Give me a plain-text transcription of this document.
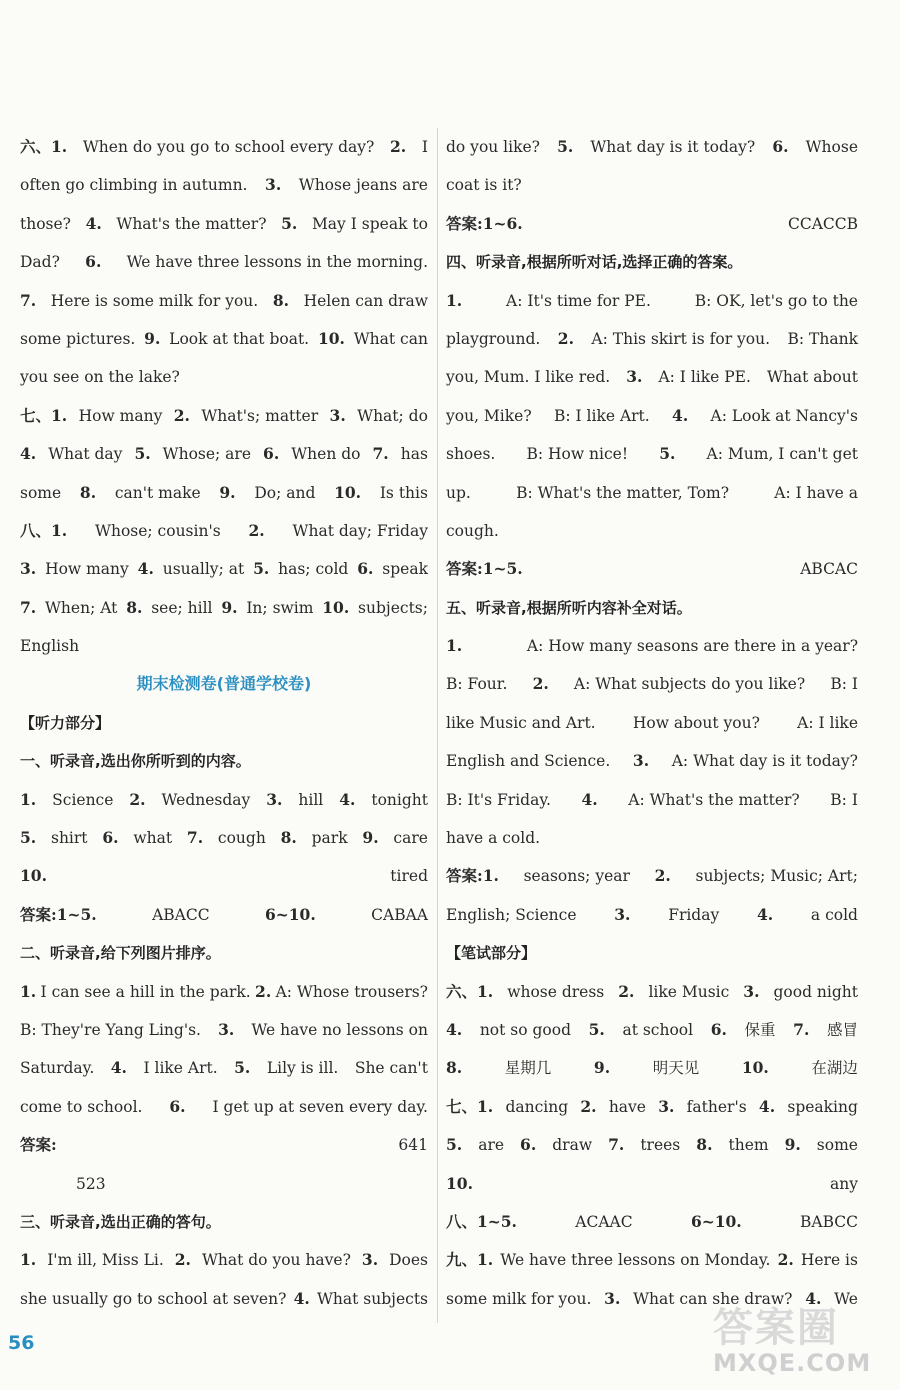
六、1. When do you go to school every day? 2. I
often go climbing in autumn. 3. Whose jeans are
those? 4. What's the matter? 5. May I speak to
Dad? 6. We have three lessons in the morning.
7. Here is some milk for you. 8. Helen can draw
some pictures. 9. Look at that boat. 10. What can
you see on the lake?
七、1. How many 2. What's; matter 3. What; do
4. What day 5. Whose; are 6. When do 7. has
some 8. can't make 9. Do; and 10. Is this
八、1. Whose; cousin's 2. What day; Friday
3. How many 4. usually; at 5. has; cold 6. speak
7. When; At 8. see; hill 9. In; swim 10. subjects;
English
期末检测卷(普通学校卷)
【听力部分】
一、听录音,选出你所听到的内容。
1. Science 2. Wednesday 3. hill 4. tonight
5. shirt 6. what 7. cough 8. park 9. care
10.	tired
答案:1~5.	ABACC	6~10.	CABAA
二、听录音,给下列图片排序。
1. I can see a hill in the park. 2. A: Whose trousers?
B: They're Yang Ling's. 3. We have no lessons on
Saturday. 4. I like Art. 5. Lily is ill. She can't
come to school. 6. I get up at seven every day.
答案:	641
523
三、听录音,选出正确的答句。
1. I'm ill, Miss Li. 2. What do you have? 3. Does
she usually go to school at seven? 4. What subjects
do you like? 5. What day is it today? 6. Whose
coat is it?
答案:1~6.	CCACCB
四、听录音,根据所听对话,选择正确的答案。
1.	A: It's time for PE.	B: OK, let's go to the
playground. 2. A: This skirt is for you. B: Thank
you, Mum. I like red. 3. A: I like PE. What about
you, Mike? B: I like Art. 4. A: Look at Nancy's
shoes. B: How nice! 5. A: Mum, I can't get
up.	B: What's the matter, Tom?	A: I have a
cough.
答案:1~5.	ABCAC
五、听录音,根据所听内容补全对话。
1.	A: How many seasons are there in a year?
B: Four. 2. A: What subjects do you like? B: I
like Music and Art. How about you? A: I like
English and Science. 3. A: What day is it today?
B: It's Friday. 4. A: What's the matter? B: I
have a cold.
答案:1. seasons; year 2. subjects; Music; Art;
English; Science 3. Friday 4. a cold
【笔试部分】
六、1. whose dress 2. like Music 3. good night
4. not so good 5. at school 6. 保重 7. 感冒
8.	星期几	9.	明天见	10.	在湖边
七、1. dancing 2. have 3. father's 4. speaking
5. are 6. draw 7. trees 8. them 9. some
10.	any
八、1~5.	ACAAC	6~10.	BABCC
九、1. We have three lessons on Monday. 2. Here is
some milk for you. 3. What can she draw? 4. We
56	答案圈
MXQE.COM
